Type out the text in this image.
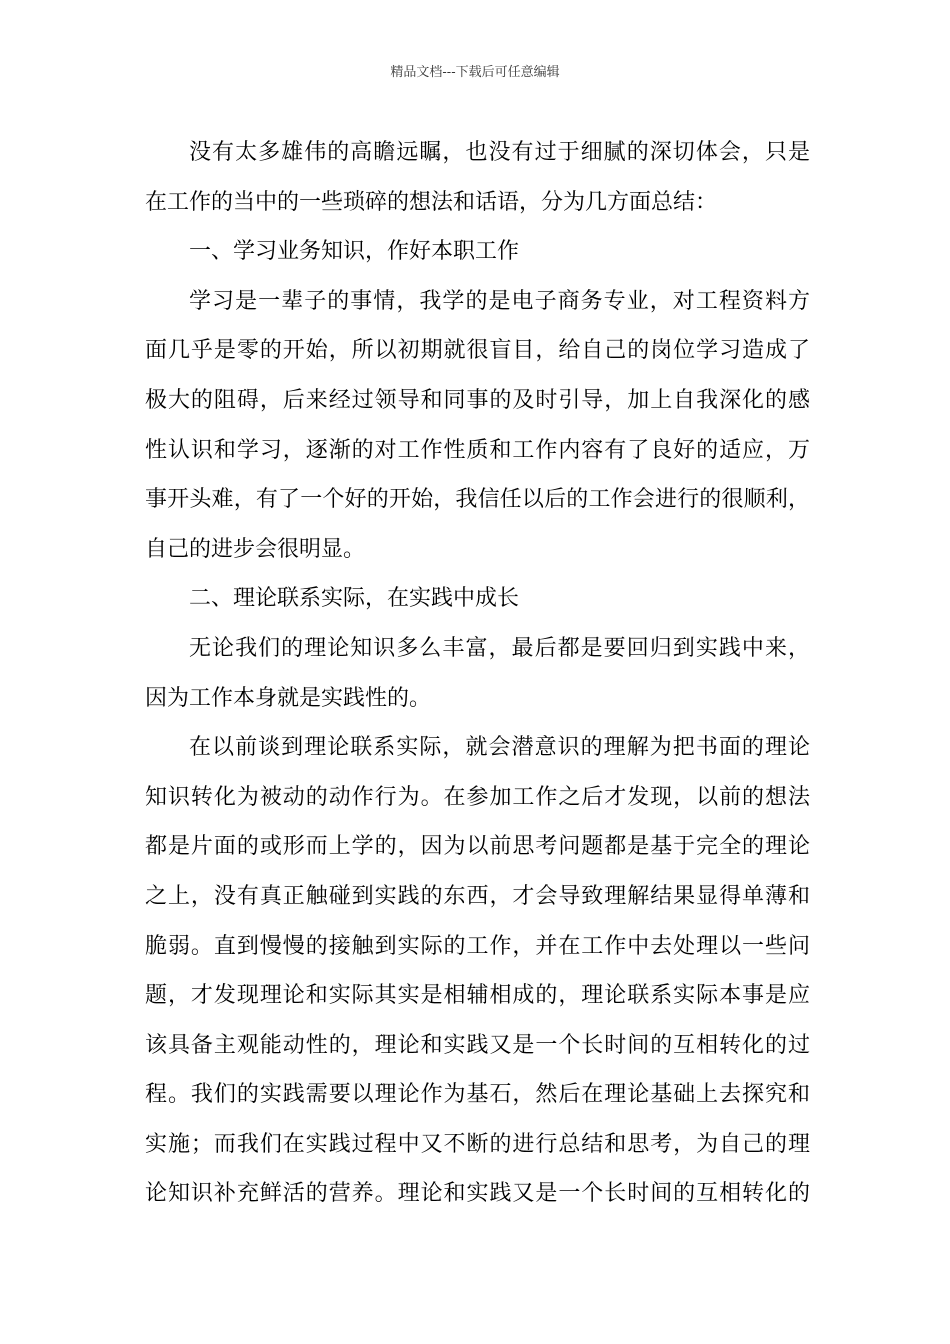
精品文档---下载后可任意编辑
没有太多雄伟的高瞻远瞩，也没有过于细腻的深切体会，只是
在工作的当中的一些琐碎的想法和话语，分为几方面总结：
一、学习业务知识，作好本职工作
学习是一辈子的事情，我学的是电子商务专业，对工程资料方
面几乎是零的开始，所以初期就很盲目，给自己的岗位学习造成了
极大的阻碍，后来经过领导和同事的及时引导，加上自我深化的感
性认识和学习，逐渐的对工作性质和工作内容有了良好的适应，万
事开头难，有了一个好的开始，我信任以后的工作会进行的很顺利，
自己的进步会很明显。
二、理论联系实际，在实践中成长
无论我们的理论知识多么丰富，最后都是要回归到实践中来，
因为工作本身就是实践性的。
在以前谈到理论联系实际，就会潜意识的理解为把书面的理论
知识转化为被动的动作行为。在参加工作之后才发现，以前的想法
都是片面的或形而上学的，因为以前思考问题都是基于完全的理论
之上，没有真正触碰到实践的东西，才会导致理解结果显得单薄和
脆弱。直到慢慢的接触到实际的工作，并在工作中去处理以一些问
题，才发现理论和实际其实是相辅相成的，理论联系实际本事是应
该具备主观能动性的，理论和实践又是一个长时间的互相转化的过
程。我们的实践需要以理论作为基石，然后在理论基础上去探究和
实施；而我们在实践过程中又不断的进行总结和思考，为自己的理
论知识补充鲜活的营养。理论和实践又是一个长时间的互相转化的
